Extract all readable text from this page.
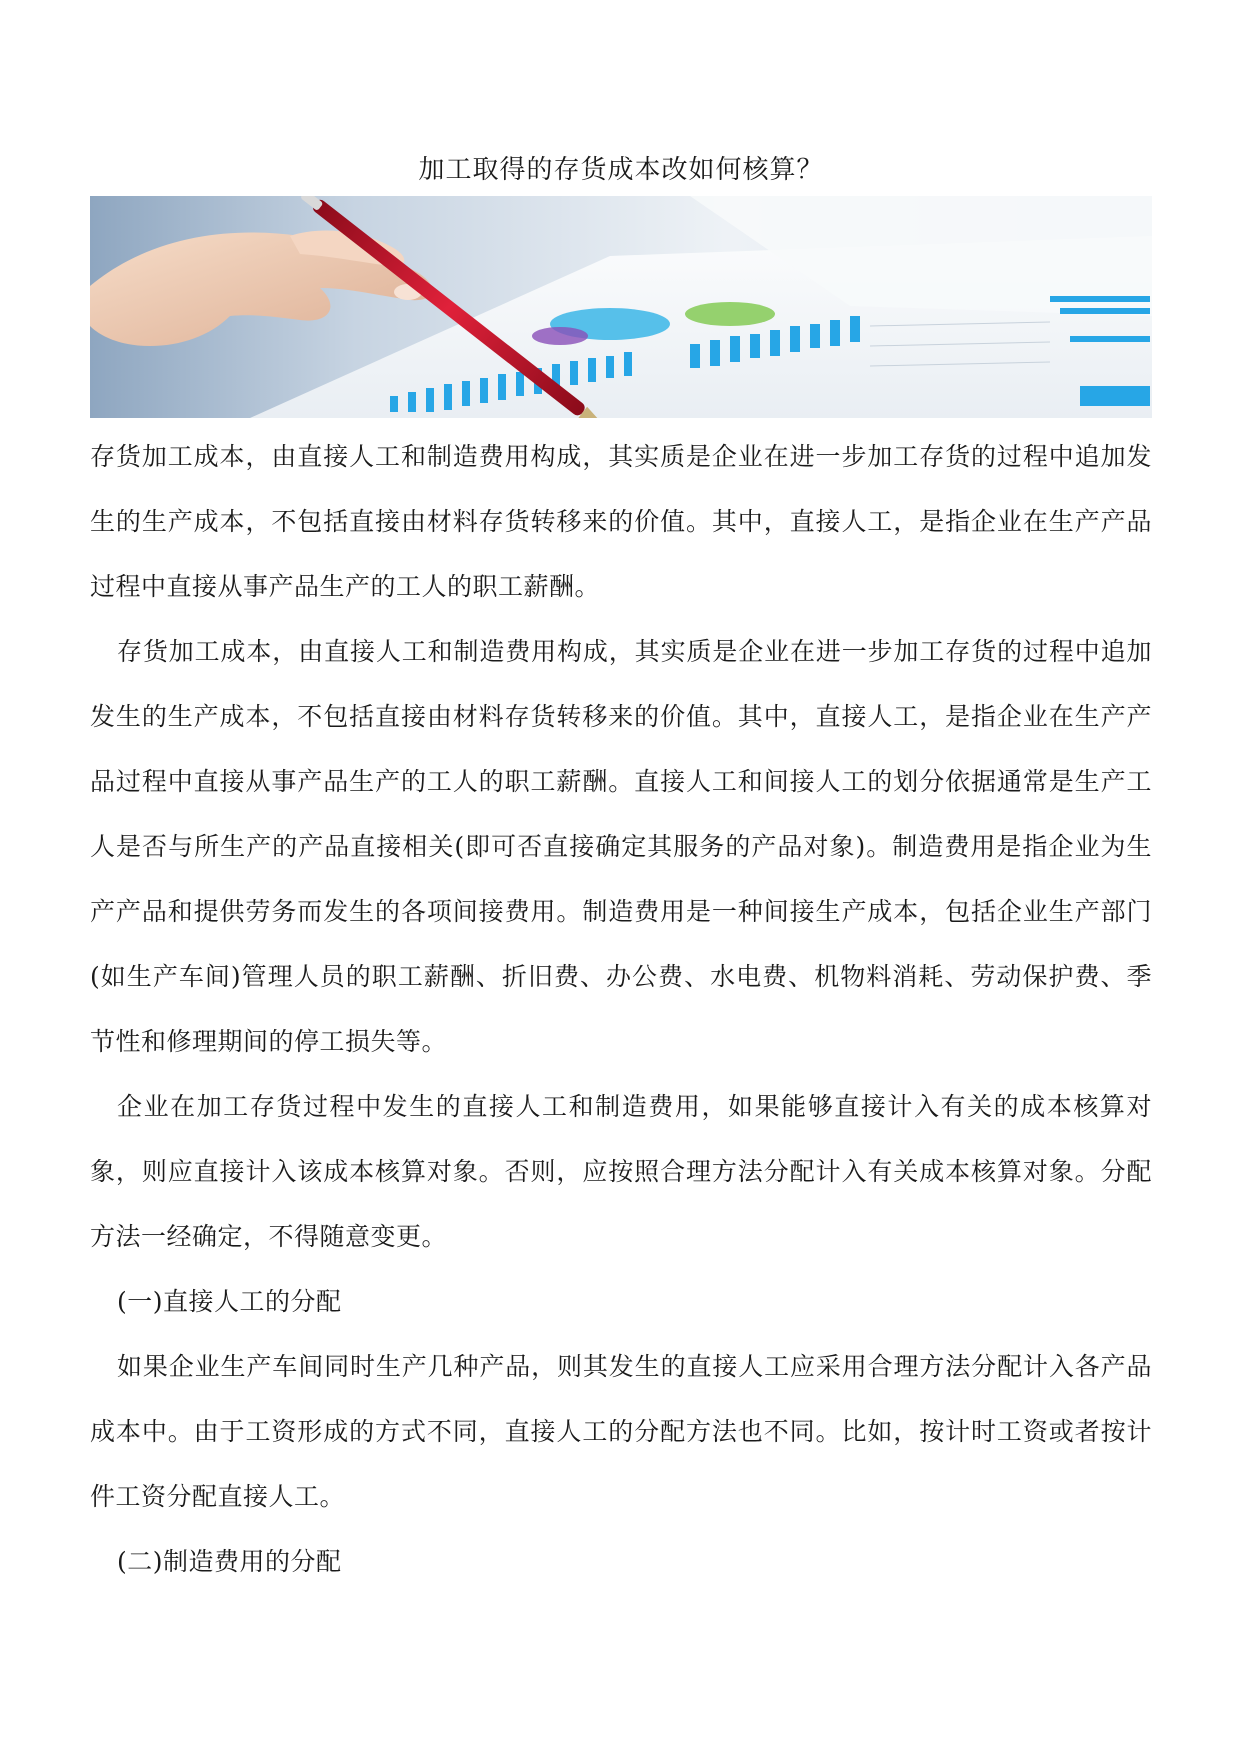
加工取得的存货成本改如何核算？

存货加工成本，由直接人工和制造费用构成，其实质是企业在进一步加工存货的过程中追加发生的生产成本，不包括直接由材料存货转移来的价值。其中，直接人工，是指企业在生产产品过程中直接从事产品生产的工人的职工薪酬。

存货加工成本，由直接人工和制造费用构成，其实质是企业在进一步加工存货的过程中追加发生的生产成本，不包括直接由材料存货转移来的价值。其中，直接人工，是指企业在生产产品过程中直接从事产品生产的工人的职工薪酬。直接人工和间接人工的划分依据通常是生产工人是否与所生产的产品直接相关(即可否直接确定其服务的产品对象)。制造费用是指企业为生产产品和提供劳务而发生的各项间接费用。制造费用是一种间接生产成本，包括企业生产部门(如生产车间)管理人员的职工薪酬、折旧费、办公费、水电费、机物料消耗、劳动保护费、季节性和修理期间的停工损失等。

企业在加工存货过程中发生的直接人工和制造费用，如果能够直接计入有关的成本核算对象，则应直接计入该成本核算对象。否则，应按照合理方法分配计入有关成本核算对象。分配方法一经确定，不得随意变更。

(一)直接人工的分配

如果企业生产车间同时生产几种产品，则其发生的直接人工应采用合理方法分配计入各产品成本中。由于工资形成的方式不同，直接人工的分配方法也不同。比如，按计时工资或者按计件工资分配直接人工。

(二)制造费用的分配
